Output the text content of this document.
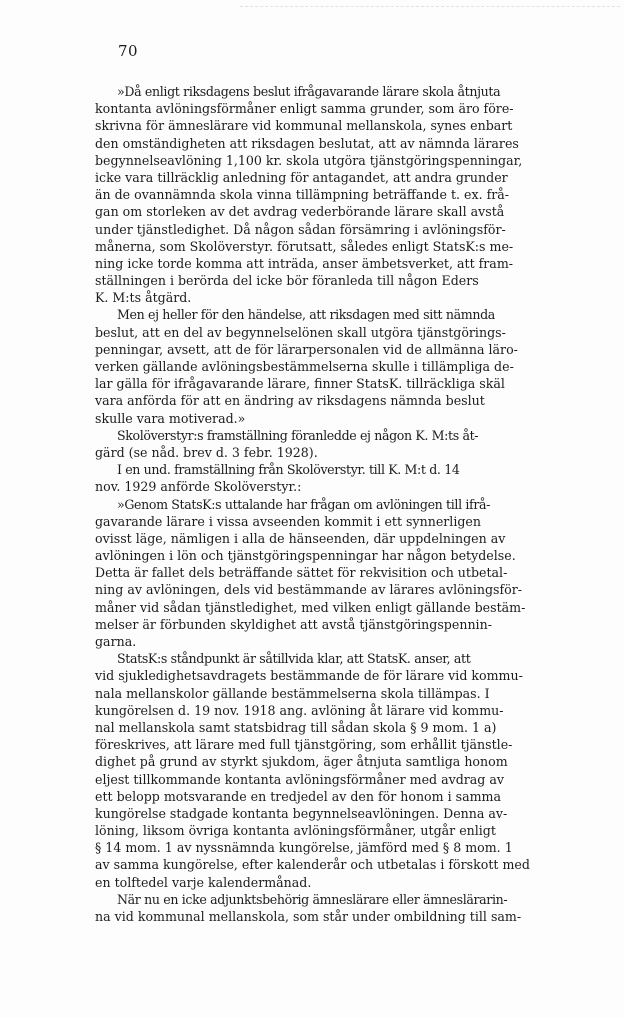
70
»Då enligt riksdagens beslut ifrågavarande lärare skola åtnjuta
kontanta avlöningsförmåner enligt samma grunder, som äro före-
skrivna för ämneslärare vid kommunal mellanskola, synes enbart
den omständigheten att riksdagen beslutat, att av nämnda lärares
begynnelseavlöning 1,100 kr. skola utgöra tjänstgöringspenningar,
icke vara tillräcklig anledning för antagandet, att andra grunder
än de ovannämnda skola vinna tillämpning beträffande t. ex. frå-
gan om storleken av det avdrag vederbörande lärare skall avstå
under tjänstledighet. Då någon sådan försämring i avlöningsför-
månerna, som Skolöverstyr. förutsatt, således enligt StatsK:s me-
ning icke torde komma att inträda, anser ämbetsverket, att fram-
ställningen i berörda del icke bör föranleda till någon Eders
K. M:ts åtgärd.
Men ej heller för den händelse, att riksdagen med sitt nämnda
beslut, att en del av begynnelselönen skall utgöra tjänstgörings-
penningar, avsett, att de för lärarpersonalen vid de allmänna läro-
verken gällande avlöningsbestämmelserna skulle i tillämpliga de-
lar gälla för ifrågavarande lärare, finner StatsK. tillräckliga skäl
vara anförda för att en ändring av riksdagens nämnda beslut
skulle vara motiverad.»
Skolöverstyr:s framställning föranledde ej någon K. M:ts åt-
gärd (se nåd. brev d. 3 febr. 1928).
I en und. framställning från Skolöverstyr. till K. M:t d. 14
nov. 1929 anförde Skolöverstyr.:
»Genom StatsK:s uttalande har frågan om avlöningen till ifrå-
gavarande lärare i vissa avseenden kommit i ett synnerligen
ovisst läge, nämligen i alla de hänseenden, där uppdelningen av
avlöningen i lön och tjänstgöringspenningar har någon betydelse.
Detta är fallet dels beträffande sättet för rekvisition och utbetal-
ning av avlöningen, dels vid bestämmande av lärares avlöningsför-
måner vid sådan tjänstledighet, med vilken enligt gällande bestäm-
melser är förbunden skyldighet att avstå tjänstgöringspennin-
garna.
StatsK:s ståndpunkt är såtillvida klar, att StatsK. anser, att
vid sjukledighetsavdragets bestämmande de för lärare vid kommu-
nala mellanskolor gällande bestämmelserna skola tillämpas. I
kungörelsen d. 19 nov. 1918 ang. avlöning åt lärare vid kommu-
nal mellanskola samt statsbidrag till sådan skola § 9 mom. 1 a)
föreskrives, att lärare med full tjänstgöring, som erhållit tjänstle-
dighet på grund av styrkt sjukdom, äger åtnjuta samtliga honom
eljest tillkommande kontanta avlöningsförmåner med avdrag av
ett belopp motsvarande en tredjedel av den för honom i samma
kungörelse stadgade kontanta begynnelseavlöningen. Denna av-
löning, liksom övriga kontanta avlöningsförmåner, utgår enligt
§ 14 mom. 1 av nyssnämnda kungörelse, jämförd med § 8 mom. 1
av samma kungörelse, efter kalenderår och utbetalas i förskott med
en tolftedel varje kalendermånad.
När nu en icke adjunktsbehörig ämneslärare eller ämneslärarin-
na vid kommunal mellanskola, som står under ombildning till sam-
